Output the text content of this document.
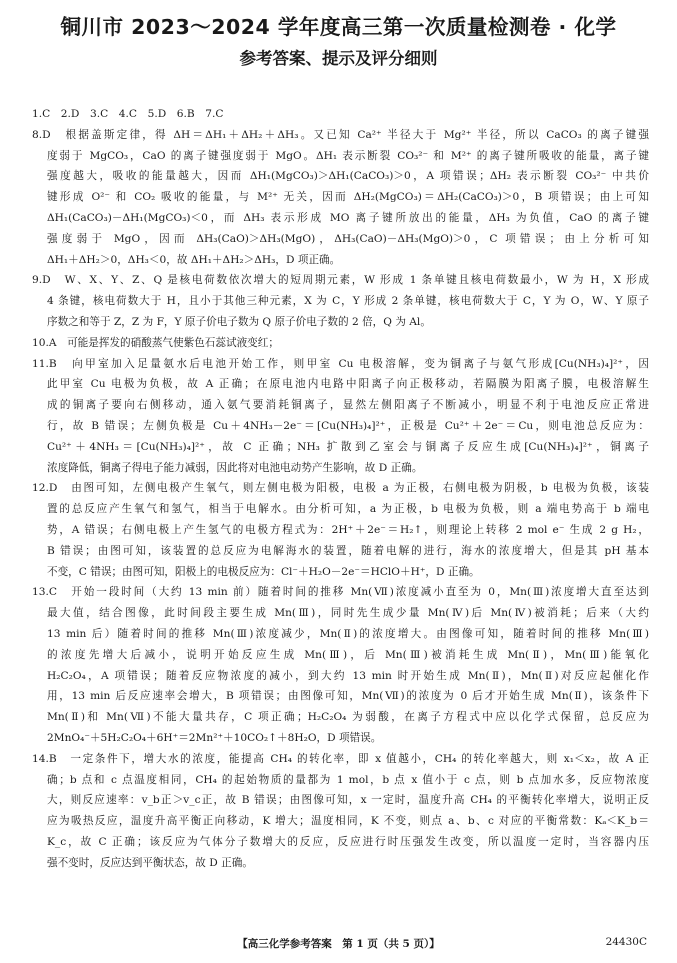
铜川市 2023～2024 学年度高三第一次质量检测卷 · 化学
参考答案、提示及评分细则
1.C　2.D　3.C　4.C　5.D　6.B　7.C
8.D　根据盖斯定律，得 ΔH＝ΔH₁＋ΔH₂＋ΔH₃。又已知 Ca²⁺ 半径大于 Mg²⁺ 半径，所以 CaCO₃ 的离子键强
度弱于 MgCO₃，CaO 的离子键强度弱于 MgO。ΔH₁ 表示断裂 CO₃²⁻ 和 M²⁺ 的离子键所吸收的能量，离子键
强度越大，吸收的能量越大，因而 ΔH₁(MgCO₃)＞ΔH₁(CaCO₃)＞0，A 项错误；ΔH₂ 表示断裂 CO₃²⁻ 中共价
键形成 O²⁻ 和 CO₂ 吸收的能量，与 M²⁺ 无关，因而 ΔH₂(MgCO₃)＝ΔH₂(CaCO₃)＞0，B 项错误；由上可知
ΔH₁(CaCO₃)－ΔH₁(MgCO₃)＜0，而 ΔH₃ 表示形成 MO 离子键所放出的能量，ΔH₃ 为负值，CaO 的离子键
强度弱于 MgO，因而 ΔH₃(CaO)＞ΔH₃(MgO)，ΔH₃(CaO)－ΔH₃(MgO)＞0，C 项错误；由上分析可知
ΔH₁＋ΔH₂＞0，ΔH₃＜0，故 ΔH₁＋ΔH₂＞ΔH₃，D 项正确。
9.D　W、X、Y、Z、Q 是核电荷数依次增大的短周期元素，W 形成 1 条单键且核电荷数最小，W 为 H，X 形成
4 条键，核电荷数大于 H，且小于其他三种元素，X 为 C，Y 形成 2 条单键，核电荷数大于 C，Y 为 O，W、Y 原子
序数之和等于 Z，Z 为 F，Y 原子价电子数为 Q 原子价电子数的 2 倍，Q 为 Al。
10.A　可能是挥发的硝酸蒸气使紫色石蕊试液变红；
11.B　向甲室加入足量氨水后电池开始工作，则甲室 Cu 电极溶解，变为铜离子与氨气形成[Cu(NH₃)₄]²⁺，因
此甲室 Cu 电极为负极，故 A 正确；在原电池内电路中阳离子向正极移动，若隔膜为阳离子膜，电极溶解生
成的铜离子要向右侧移动，通入氨气要消耗铜离子，显然左侧阳离子不断减小，明显不利于电池反应正常进
行，故 B 错误；左侧负极是 Cu＋4NH₃－2e⁻＝[Cu(NH₃)₄]²⁺，正极是 Cu²⁺＋2e⁻＝Cu，则电池总反应为：
Cu²⁺＋4NH₃＝[Cu(NH₃)₄]²⁺，故 C 正确；NH₃ 扩散到乙室会与铜离子反应生成[Cu(NH₃)₄]²⁺，铜离子
浓度降低，铜离子得电子能力减弱，因此将对电池电动势产生影响，故 D 正确。
12.D　由图可知，左侧电极产生氧气，则左侧电极为阳极，电极 a 为正极，右侧电极为阴极，b 电极为负极，该装
置的总反应产生氧气和氢气，相当于电解水。由分析可知，a 为正极，b 电极为负极，则 a 端电势高于 b 端电
势，A 错误；右侧电极上产生氢气的电极方程式为：2H⁺＋2e⁻＝H₂↑，则理论上转移 2 mol e⁻ 生成 2 g H₂，
B 错误；由图可知，该装置的总反应为电解海水的装置，随着电解的进行，海水的浓度增大，但是其 pH 基本
不变，C 错误；由图可知，阳极上的电极反应为：Cl⁻＋H₂O－2e⁻＝HClO＋H⁺，D 正确。
13.C　开始一段时间（大约 13 min 前）随着时间的推移 Mn(Ⅶ)浓度减小直至为 0，Mn(Ⅲ)浓度增大直至达到
最大值，结合图像，此时间段主要生成 Mn(Ⅲ)，同时先生成少量 Mn(Ⅳ)后 Mn(Ⅳ)被消耗；后来（大约
13 min 后）随着时间的推移 Mn(Ⅲ)浓度减少，Mn(Ⅱ)的浓度增大。由图像可知，随着时间的推移 Mn(Ⅲ)
的浓度先增大后减小，说明开始反应生成 Mn(Ⅲ)，后 Mn(Ⅲ)被消耗生成 Mn(Ⅱ)，Mn(Ⅲ)能氧化
H₂C₂O₄，A 项错误；随着反应物浓度的减小，到大约 13 min 时开始生成 Mn(Ⅱ)，Mn(Ⅱ)对反应起催化作
用，13 min 后反应速率会增大，B 项错误；由图像可知，Mn(Ⅶ)的浓度为 0 后才开始生成 Mn(Ⅱ)，该条件下
Mn(Ⅱ)和 Mn(Ⅶ)不能大量共存，C 项正确；H₂C₂O₄ 为弱酸，在离子方程式中应以化学式保留，总反应为
2MnO₄⁻＋5H₂C₂O₄＋6H⁺＝2Mn²⁺＋10CO₂↑＋8H₂O，D 项错误。
14.B　一定条件下，增大水的浓度，能提高 CH₄ 的转化率，即 x 值越小，CH₄ 的转化率越大，则 x₁＜x₂，故 A 正
确；b 点和 c 点温度相同，CH₄ 的起始物质的量都为 1 mol，b 点 x 值小于 c 点，则 b 点加水多，反应物浓度
大，则反应速率：v_b正＞v_c正，故 B 错误；由图像可知，x 一定时，温度升高 CH₄ 的平衡转化率增大，说明正反
应为吸热反应，温度升高平衡正向移动，K 增大；温度相同，K 不变，则点 a、b、c 对应的平衡常数：Kₐ＜K_b＝
K_c，故 C 正确；该反应为气体分子数增大的反应，反应进行时压强发生改变，所以温度一定时，当容器内压
强不变时，反应达到平衡状态，故 D 正确。
【高三化学参考答案　第 1 页（共 5 页）】	24430C
